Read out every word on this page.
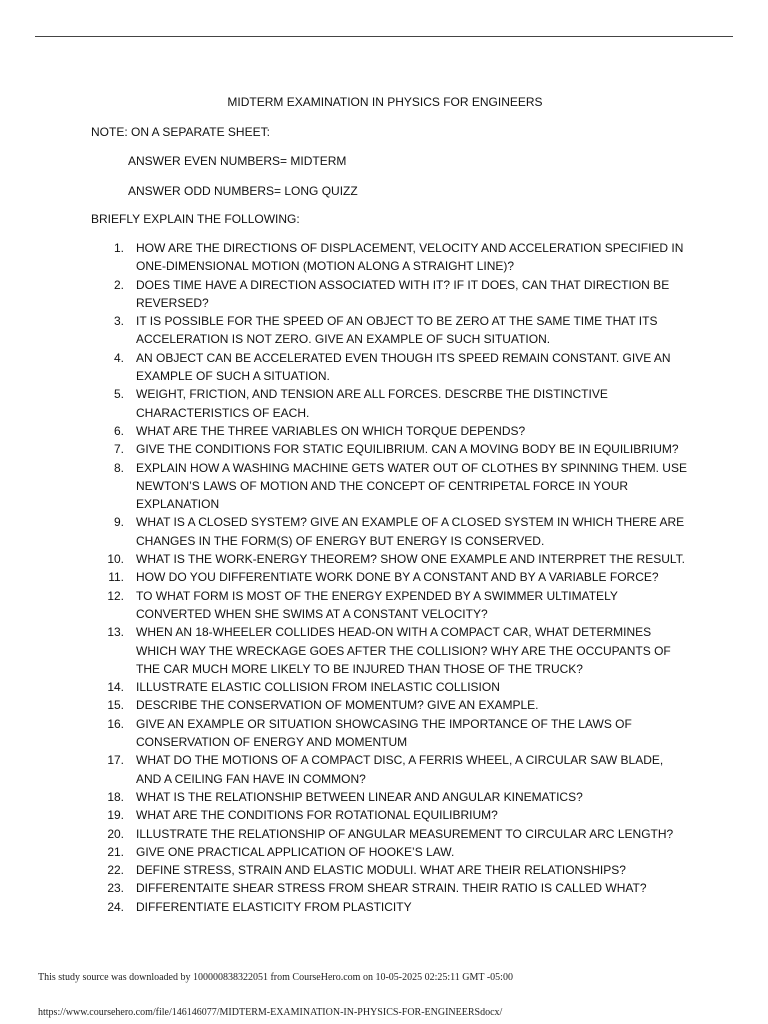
MIDTERM EXAMINATION IN PHYSICS FOR ENGINEERS
NOTE: ON A SEPARATE SHEET:
ANSWER EVEN NUMBERS= MIDTERM
ANSWER ODD NUMBERS= LONG QUIZZ
BRIEFLY EXPLAIN THE FOLLOWING:
1. HOW ARE THE DIRECTIONS OF DISPLACEMENT, VELOCITY AND ACCELERATION SPECIFIED IN ONE-DIMENSIONAL MOTION (MOTION ALONG A STRAIGHT LINE)?
2. DOES TIME HAVE A DIRECTION ASSOCIATED WITH IT? IF IT DOES, CAN THAT DIRECTION BE REVERSED?
3. IT IS POSSIBLE FOR THE SPEED OF AN OBJECT TO BE ZERO AT THE SAME TIME THAT ITS ACCELERATION IS NOT ZERO. GIVE AN EXAMPLE OF SUCH SITUATION.
4. AN OBJECT CAN BE ACCELERATED EVEN THOUGH ITS SPEED REMAIN CONSTANT. GIVE AN EXAMPLE OF SUCH A SITUATION.
5. WEIGHT, FRICTION, AND TENSION ARE ALL FORCES. DESCRBE THE DISTINCTIVE CHARACTERISTICS OF EACH.
6. WHAT ARE THE THREE VARIABLES ON WHICH TORQUE DEPENDS?
7. GIVE THE CONDITIONS FOR STATIC EQUILIBRIUM. CAN A MOVING BODY BE IN EQUILIBRIUM?
8. EXPLAIN HOW A WASHING MACHINE GETS WATER OUT OF CLOTHES BY SPINNING THEM. USE NEWTON’S LAWS OF MOTION AND THE CONCEPT OF CENTRIPETAL FORCE IN YOUR EXPLANATION
9. WHAT IS A CLOSED SYSTEM? GIVE AN EXAMPLE OF A CLOSED SYSTEM IN WHICH THERE ARE CHANGES IN THE FORM(S) OF ENERGY BUT ENERGY IS CONSERVED.
10. WHAT IS THE WORK-ENERGY THEOREM? SHOW ONE EXAMPLE AND INTERPRET THE RESULT.
11. HOW DO YOU DIFFERENTIATE WORK DONE BY A CONSTANT AND BY A VARIABLE FORCE?
12. TO WHAT FORM IS MOST OF THE ENERGY EXPENDED BY A SWIMMER ULTIMATELY CONVERTED WHEN SHE SWIMS AT A CONSTANT VELOCITY?
13. WHEN AN 18-WHEELER COLLIDES HEAD-ON WITH A COMPACT CAR, WHAT DETERMINES WHICH WAY THE WRECKAGE GOES AFTER THE COLLISION? WHY ARE THE OCCUPANTS OF THE CAR MUCH MORE LIKELY TO BE INJURED THAN THOSE OF THE TRUCK?
14. ILLUSTRATE ELASTIC COLLISION FROM INELASTIC COLLISION
15. DESCRIBE THE CONSERVATION OF MOMENTUM? GIVE AN EXAMPLE.
16. GIVE AN EXAMPLE OR SITUATION SHOWCASING THE IMPORTANCE OF THE LAWS OF CONSERVATION OF ENERGY AND MOMENTUM
17. WHAT DO THE MOTIONS OF A COMPACT DISC, A FERRIS WHEEL, A CIRCULAR SAW BLADE, AND A CEILING FAN HAVE IN COMMON?
18. WHAT IS THE RELATIONSHIP BETWEEN LINEAR AND ANGULAR KINEMATICS?
19. WHAT ARE THE CONDITIONS FOR ROTATIONAL EQUILIBRIUM?
20. ILLUSTRATE THE RELATIONSHIP OF ANGULAR MEASUREMENT TO CIRCULAR ARC LENGTH?
21. GIVE ONE PRACTICAL APPLICATION OF HOOKE’S LAW.
22. DEFINE STRESS, STRAIN AND ELASTIC MODULI. WHAT ARE THEIR RELATIONSHIPS?
23. DIFFERENTAITE SHEAR STRESS FROM SHEAR STRAIN. THEIR RATIO IS CALLED WHAT?
24. DIFFERENTIATE ELASTICITY FROM PLASTICITY
This study source was downloaded by 100000838322051 from CourseHero.com on 10-05-2025 02:25:11 GMT -05:00
https://www.coursehero.com/file/146146077/MIDTERM-EXAMINATION-IN-PHYSICS-FOR-ENGINEERSdocx/
